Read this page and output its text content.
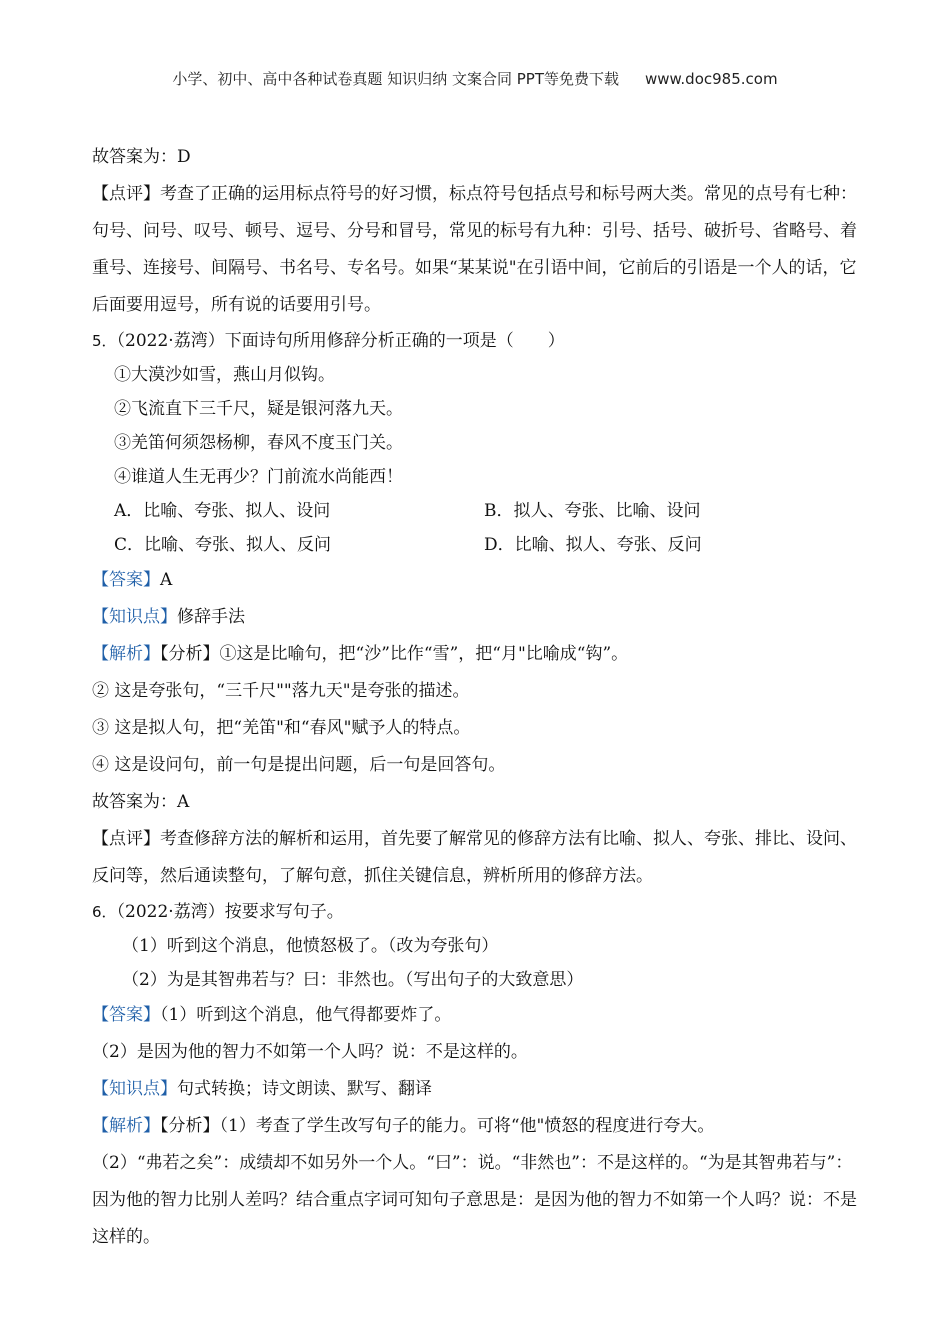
小学、初中、高中各种试卷真题 知识归纳 文案合同 PPT等免费下载 www.doc985.com

故答案为：D

【点评】考查了正确的运用标点符号的好习惯，标点符号包括点号和标号两大类。常见的点号有七种：句号、问号、叹号、顿号、逗号、分号和冒号，常见的标号有九种：引号、括号、破折号、省略号、着重号、连接号、间隔号、书名号、专名号。如果“某某说"在引语中间，它前后的引语是一个人的话，它后面要用逗号，所有说的话要用引号。

5．（2022·荔湾）下面诗句所用修辞分析正确的一项是（ ）

①大漠沙如雪，燕山月似钩。

②飞流直下三千尺，疑是银河落九天。

③羌笛何须怨杨柳，春风不度玉门关。

④谁道人生无再少？门前流水尚能西！

A．比喻、夸张、拟人、设问	B．拟人、夸张、比喻、设问

C．比喻、夸张、拟人、反问	D．比喻、拟人、夸张、反问

【答案】A

【知识点】修辞手法

【解析】【分析】①这是比喻句，把“沙”比作“雪”，把“月"比喻成“钩”。

② 这是夸张句，“三千尺""落九天"是夸张的描述。

③ 这是拟人句，把“羌笛"和“春风"赋予人的特点。

④ 这是设问句，前一句是提出问题，后一句是回答句。

故答案为：A

【点评】考查修辞方法的解析和运用，首先要了解常见的修辞方法有比喻、拟人、夸张、排比、设问、反问等，然后通读整句，了解句意，抓住关键信息，辨析所用的修辞方法。

6．（2022·荔湾）按要求写句子。

（1）听到这个消息，他愤怒极了。（改为夸张句）

（2）为是其智弗若与？曰：非然也。（写出句子的大致意思）

【答案】（1）听到这个消息，他气得都要炸了。

（2）是因为他的智力不如第一个人吗？说：不是这样的。

【知识点】句式转换；诗文朗读、默写、翻译

【解析】【分析】（1）考查了学生改写句子的能力。可将“他"愤怒的程度进行夸大。

（2）“弗若之矣”：成绩却不如另外一个人。“曰”：说。“非然也”：不是这样的。“为是其智弗若与”：因为他的智力比别人差吗？结合重点字词可知句子意思是：是因为他的智力不如第一个人吗？说：不是这样的。
